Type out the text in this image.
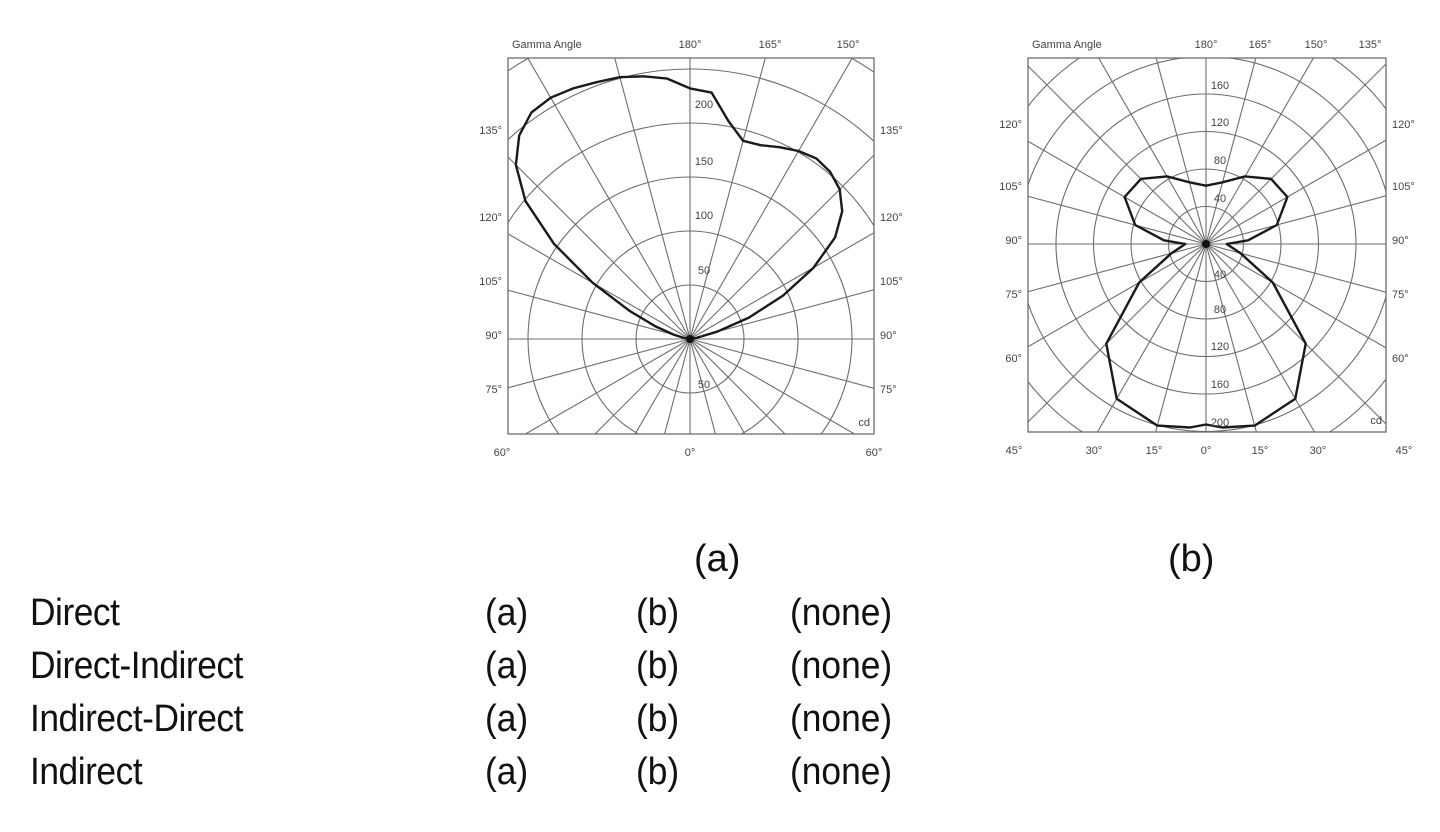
Gamma Angle	180°	165°	150°
135°	135°
120°	120°
105°	105°
90°	90°
75°	75°
60°	0°	60°
200
150
100
50
50
cd
Gamma Angle	180°	165°	150°	135°
120°	120°
105°	105°
90°	90°
75°	75°
60°	60°
45°	30°	15°	0°	15°	30°	45°
160
120
80
40
40
80
120
160
200	cd
(a)	(b)
Direct	(a)	(b)	(none)
Direct-Indirect	(a)	(b)	(none)
Indirect-Direct	(a)	(b)	(none)
Indirect	(a)	(b)	(none)
